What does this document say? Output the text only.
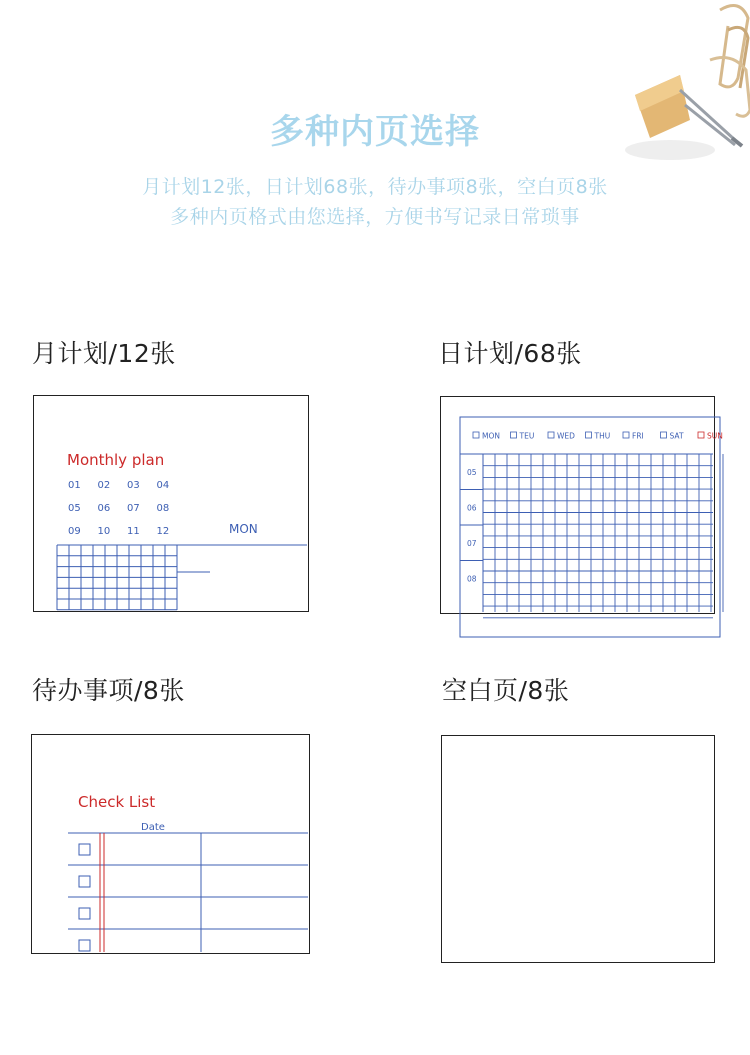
多种内页选择
月计划12张，日计划68张，待办事项8张，空白页8张
多种内页格式由您选择，方便书写记录日常琐事
月计划/12张	日计划/68张
待办事项/8张	空白页/8张
Monthly plan
01 02 03 04
05 06 07 08
09 10 11 12	MON
MON	TEU	WED	THU	FRI	SAT	SUN
05
06
07
08
Check List
Date
